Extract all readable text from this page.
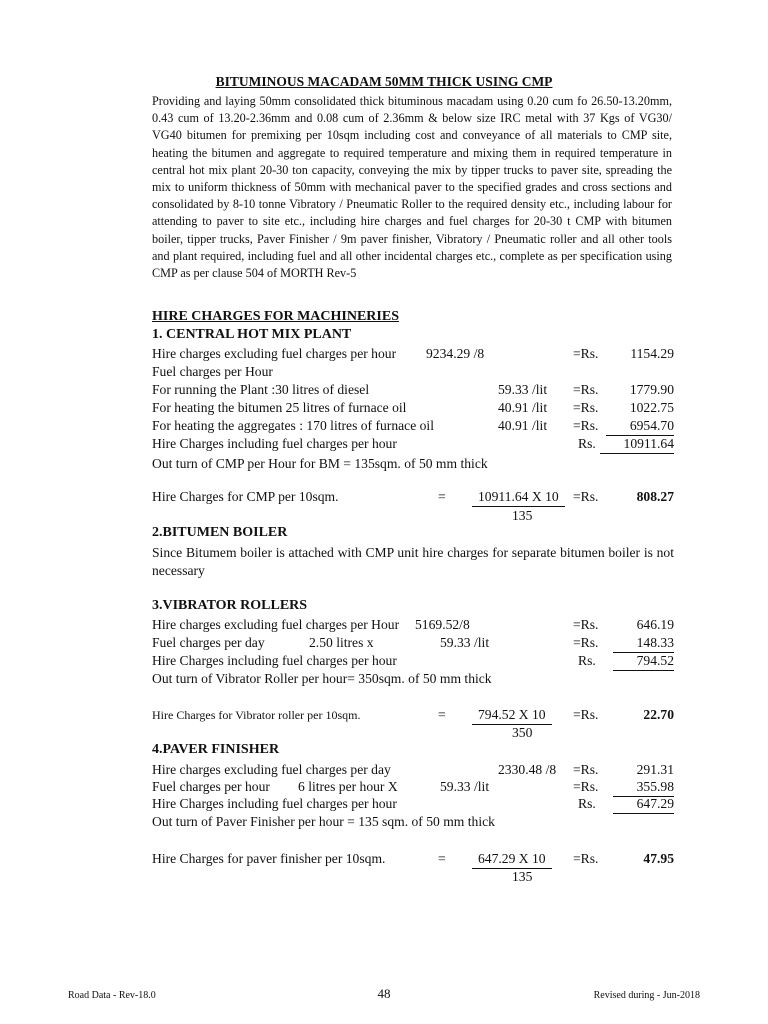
BITUMINOUS MACADAM 50MM THICK USING CMP

Providing and laying 50mm consolidated thick bituminous macadam using 0.20 cum fo 26.50-13.20mm, 0.43 cum of 13.20-2.36mm and 0.08 cum of 2.36mm & below size IRC metal with 37 Kgs of VG30/ VG40 bitumen for premixing per 10sqm including cost and conveyance of all materials to CMP site, heating the bitumen and aggregate to required temperature and mixing them in required temperature in central hot mix plant 20-30 ton capacity, conveying the mix by tipper trucks to paver site, spreading the mix to uniform thickness of 50mm with mechanical paver to the specified grades and cross sections and consolidated by 8-10 tonne Vibratory / Pneumatic Roller to the required density etc., including labour for attending to paver to site etc., including hire charges and fuel charges for 20-30 t CMP with bitumen boiler, tipper trucks, Paver Finisher / 9m paver finisher, Vibratory / Pneumatic roller and all other tools and plant required, including fuel and all other incidental charges etc., complete as per specification using CMP as per clause 504 of MORTH Rev-5

HIRE CHARGES FOR MACHINERIES
1. CENTRAL HOT MIX PLANT
Hire charges excluding fuel charges per hour 9234.29 /8	=Rs. 1154.29
Fuel charges per Hour
For running the Plant :30 litres of diesel	59.33 /lit =Rs. 1779.90
For heating the bitumen 25 litres of furnace oil	40.91 /lit =Rs. 1022.75
For heating the aggregates : 170 litres of furnace oil	40.91 /lit =Rs.	6954.70
Hire Charges including fuel charges per hour	Rs.	10911.64
Out turn of CMP per Hour for BM = 135sqm. of 50 mm thick
Hire Charges for CMP per 10sqm.	=	10911.64 X 10	=Rs.	808.27
135
2.BITUMEN BOILER
Since Bitumem boiler is attached with CMP unit hire charges for separate bitumen boiler is not necessary
3.VIBRATOR ROLLERS
Hire charges excluding fuel charges per Hour 5169.52/8	=Rs.	646.19
Fuel charges per day	2.50 litres x	59.33 /lit	=Rs.	148.33
Hire Charges including fuel charges per hour	Rs.	794.52
Out turn of Vibrator Roller per hour= 350sqm. of 50 mm thick
Hire Charges for Vibrator roller per 10sqm.	=	794.52 X 10	=Rs.	22.70
350
4.PAVER FINISHER
Hire charges excluding fuel charges per day	2330.48 /8 =Rs.	291.31
Fuel charges per hour 6 litres per hour X	59.33 /lit	=Rs.	355.98
Hire Charges including fuel charges per hour	Rs.	647.29
Out turn of Paver Finisher per hour = 135 sqm. of 50 mm thick
Hire Charges for paver finisher per 10sqm.	=	647.29 X 10	=Rs.	47.95
135
Road Data - Rev-18.0	48	Revised during - Jun-2018
